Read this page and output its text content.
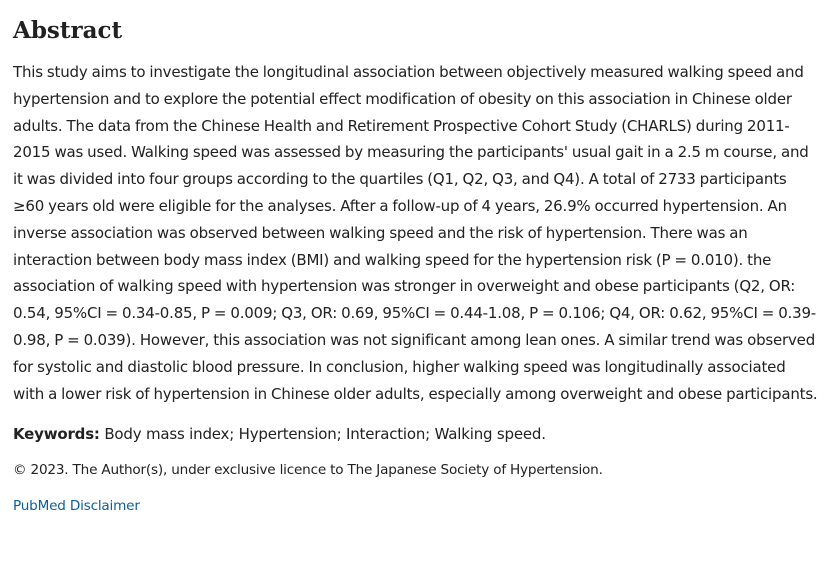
Abstract

This study aims to investigate the longitudinal association between objectively measured walking speed and hypertension and to explore the potential effect modification of obesity on this association in Chinese older adults. The data from the Chinese Health and Retirement Prospective Cohort Study (CHARLS) during 2011-2015 was used. Walking speed was assessed by measuring the participants' usual gait in a 2.5 m course, and it was divided into four groups according to the quartiles (Q1, Q2, Q3, and Q4). A total of 2733 participants ≥60 years old were eligible for the analyses. After a follow-up of 4 years, 26.9% occurred hypertension. An inverse association was observed between walking speed and the risk of hypertension. There was an interaction between body mass index (BMI) and walking speed for the hypertension risk (P = 0.010). the association of walking speed with hypertension was stronger in overweight and obese participants (Q2, OR: 0.54, 95%CI = 0.34-0.85, P = 0.009; Q3, OR: 0.69, 95%CI = 0.44-1.08, P = 0.106; Q4, OR: 0.62, 95%CI = 0.39-0.98, P = 0.039). However, this association was not significant among lean ones. A similar trend was observed for systolic and diastolic blood pressure. In conclusion, higher walking speed was longitudinally associated with a lower risk of hypertension in Chinese older adults, especially among overweight and obese participants.

Keywords: Body mass index; Hypertension; Interaction; Walking speed.

© 2023. The Author(s), under exclusive licence to The Japanese Society of Hypertension.

PubMed Disclaimer
